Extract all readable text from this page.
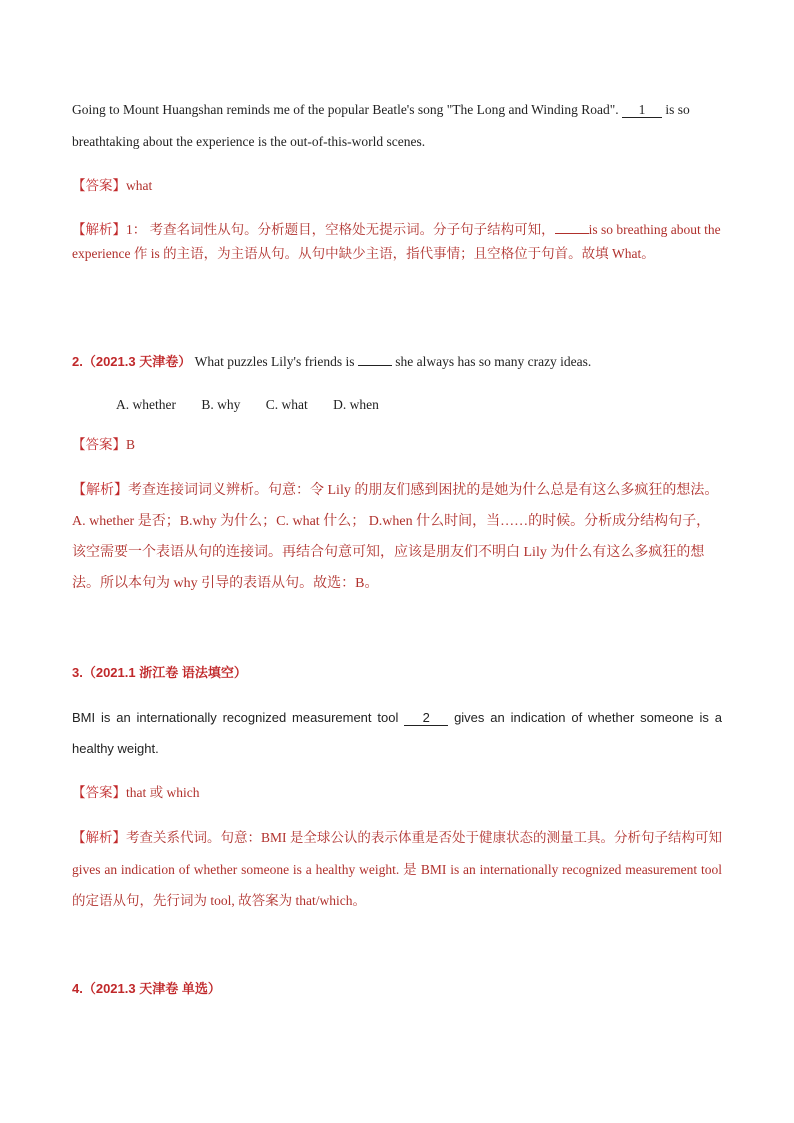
Going to Mount Huangshan reminds me of the popular Beatle's song "The Long and Winding Road". 1 is so breathtaking about the experience is the out-of-this-world scenes.
【答案】what
【解析】1： 考查名词性从句。分析题目，空格处无提示词。分子句子结构可知，	is so breathing about the experience 作 is 的主语，为主语从句。从句中缺少主语，指代事情；且空格位于句首。故填 What。
2.（2021.3 天津卷） What puzzles Lily's friends is	she always has so many crazy ideas.
A. whether B. why C. what D. when
【答案】B
【解析】考查连接词词义辨析。句意：令 Lily 的朋友们感到困扰的是她为什么总是有这么多疯狂的想法。A. whether 是否；B.why 为什么；C. what 什么； D.when 什么时间，当……的时候。分析成分结构句子，该空需要一个表语从句的连接词。再结合句意可知，应该是朋友们不明白 Lily 为什么有这么多疯狂的想法。所以本句为 why 引导的表语从句。故选：B。
3.（2021.1 浙江卷 语法填空）
BMI is an internationally recognized measurement tool 2 gives an indication of whether someone is a healthy weight.
【答案】that 或 which
【解析】考查关系代词。句意：BMI 是全球公认的表示体重是否处于健康状态的测量工具。分析句子结构可知 gives an indication of whether someone is a healthy weight. 是 BMI is an internationally recognized measurement tool 的定语从句，先行词为 tool, 故答案为 that/which。
4.（2021.3 天津卷 单选）
